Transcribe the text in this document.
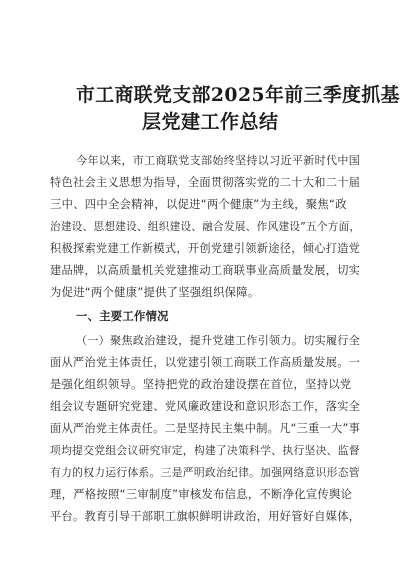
市工商联党支部2025年前三季度抓基
层党建工作总结
今年以来，市工商联党支部始终坚持以习近平新时代中国
特色社会主义思想为指导，全面贯彻落实党的二十大和二十届
三中、四中全会精神，以促进“两个健康”为主线，聚焦“政
治建设、思想建设、组织建设、融合发展、作风建设”五个方面，
积极探索党建工作新模式，开创党建引领新途径，倾心打造党
建品牌，以高质量机关党建推动工商联事业高质量发展，切实
为促进“两个健康”提供了坚强组织保障。
一、主要工作情况
（一）聚焦政治建设，提升党建工作引领力。切实履行全
面从严治党主体责任，以党建引领工商联工作高质量发展。一
是强化组织领导。坚持把党的政治建设摆在首位，坚持以党
组会议专题研究党建、党风廉政建设和意识形态工作，落实全
面从严治党主体责任。二是坚持民主集中制。凡“三重一大”事
项均提交党组会议研究审定，构建了决策科学、执行坚决、监督
有力的权力运行体系。三是严明政治纪律。加强网络意识形态管
理，严格按照“三审制度”审核发布信息，不断净化宣传舆论
平台。教育引导干部职工旗帜鲜明讲政治，用好管好自媒体，
